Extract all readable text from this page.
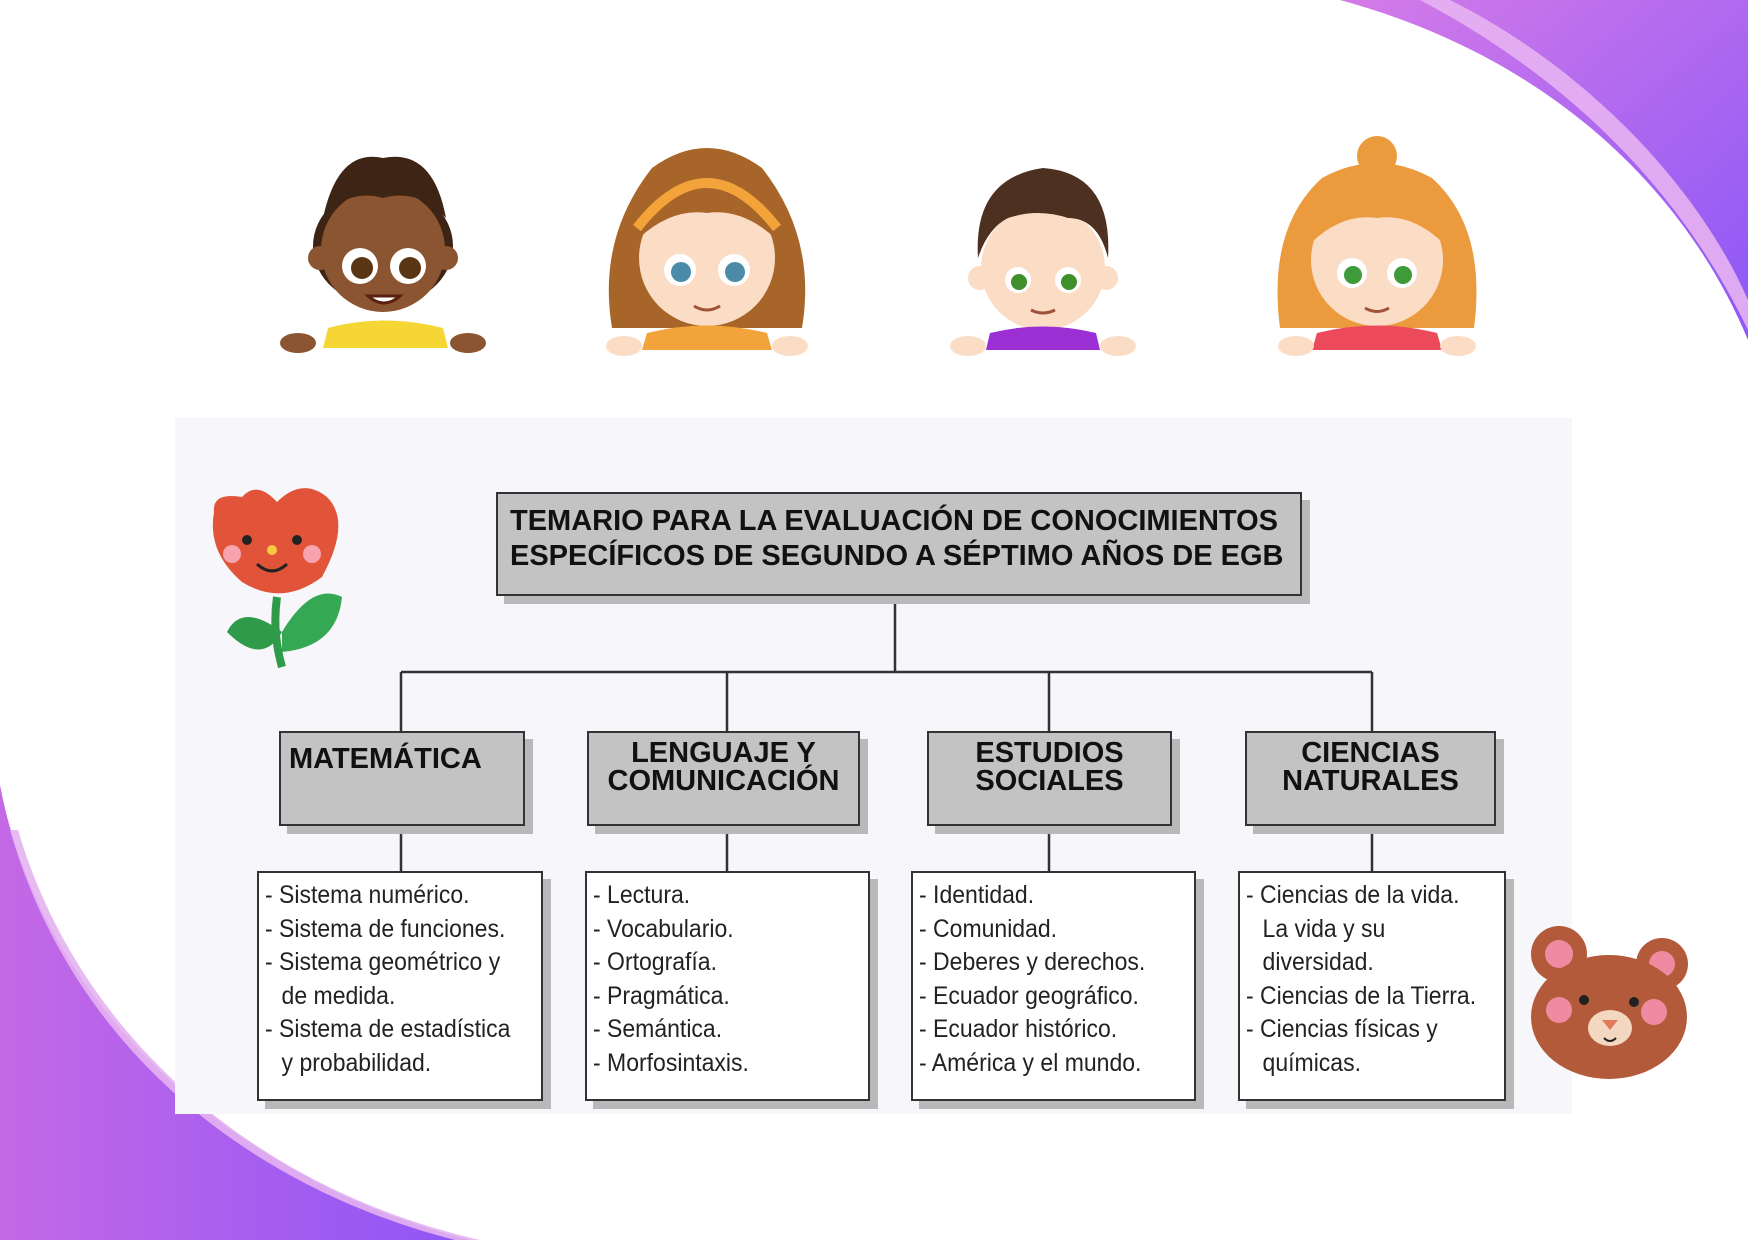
TEMARIO PARA LA EVALUACIÓN DE CONOCIMIENTOS
ESPECÍFICOS DE SEGUNDO A SÉPTIMO AÑOS DE EGB
MATEMÁTICA	LENGUAJE Y
COMUNICACIÓN
ESTUDIOS
SOCIALES
CIENCIAS
NATURALES
- Sistema numérico.
- Sistema de funciones.
- Sistema geométrico y
de medida.
- Sistema de estadística
y probabilidad.
- Lectura.
- Vocabulario.
- Ortografía.
- Pragmática.
- Semántica.
- Morfosintaxis.
- Identidad.
- Comunidad.
- Deberes y derechos.
- Ecuador geográfico.
- Ecuador histórico.
- América y el mundo.
- Ciencias de la vida.
La vida y su
diversidad.
- Ciencias de la Tierra.
- Ciencias físicas y
químicas.
